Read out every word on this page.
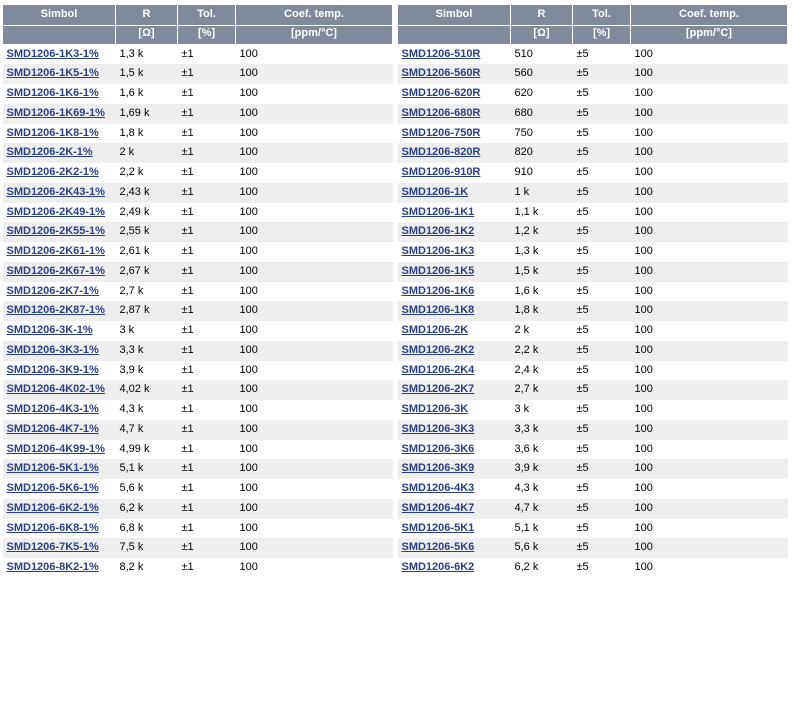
Simbol	R	Tol.	Coef. temp.
	[Ω]	[%]	[ppm/°C]
SMD1206-1K3-1%	1,3 k	±1	100
SMD1206-1K5-1%	1,5 k	±1	100
SMD1206-1K6-1%	1,6 k	±1	100
SMD1206-1K69-1%	1,69 k	±1	100
SMD1206-1K8-1%	1,8 k	±1	100
SMD1206-2K-1%	2 k	±1	100
SMD1206-2K2-1%	2,2 k	±1	100
SMD1206-2K43-1%	2,43 k	±1	100
SMD1206-2K49-1%	2,49 k	±1	100
SMD1206-2K55-1%	2,55 k	±1	100
SMD1206-2K61-1%	2,61 k	±1	100
SMD1206-2K67-1%	2,67 k	±1	100
SMD1206-2K7-1%	2,7 k	±1	100
SMD1206-2K87-1%	2,87 k	±1	100
SMD1206-3K-1%	3 k	±1	100
SMD1206-3K3-1%	3,3 k	±1	100
SMD1206-3K9-1%	3,9 k	±1	100
SMD1206-4K02-1%	4,02 k	±1	100
SMD1206-4K3-1%	4,3 k	±1	100
SMD1206-4K7-1%	4,7 k	±1	100
SMD1206-4K99-1%	4,99 k	±1	100
SMD1206-5K1-1%	5,1 k	±1	100
SMD1206-5K6-1%	5,6 k	±1	100
SMD1206-6K2-1%	6,2 k	±1	100
SMD1206-6K8-1%	6,8 k	±1	100
SMD1206-7K5-1%	7,5 k	±1	100
SMD1206-8K2-1%	8,2 k	±1	100
Simbol	R	Tol.	Coef. temp.
	[Ω]	[%]	[ppm/°C]
SMD1206-510R	510	±5	100
SMD1206-560R	560	±5	100
SMD1206-620R	620	±5	100
SMD1206-680R	680	±5	100
SMD1206-750R	750	±5	100
SMD1206-820R	820	±5	100
SMD1206-910R	910	±5	100
SMD1206-1K	1 k	±5	100
SMD1206-1K1	1,1 k	±5	100
SMD1206-1K2	1,2 k	±5	100
SMD1206-1K3	1,3 k	±5	100
SMD1206-1K5	1,5 k	±5	100
SMD1206-1K6	1,6 k	±5	100
SMD1206-1K8	1,8 k	±5	100
SMD1206-2K	2 k	±5	100
SMD1206-2K2	2,2 k	±5	100
SMD1206-2K4	2,4 k	±5	100
SMD1206-2K7	2,7 k	±5	100
SMD1206-3K	3 k	±5	100
SMD1206-3K3	3,3 k	±5	100
SMD1206-3K6	3,6 k	±5	100
SMD1206-3K9	3,9 k	±5	100
SMD1206-4K3	4,3 k	±5	100
SMD1206-4K7	4,7 k	±5	100
SMD1206-5K1	5,1 k	±5	100
SMD1206-5K6	5,6 k	±5	100
SMD1206-6K2	6,2 k	±5	100
